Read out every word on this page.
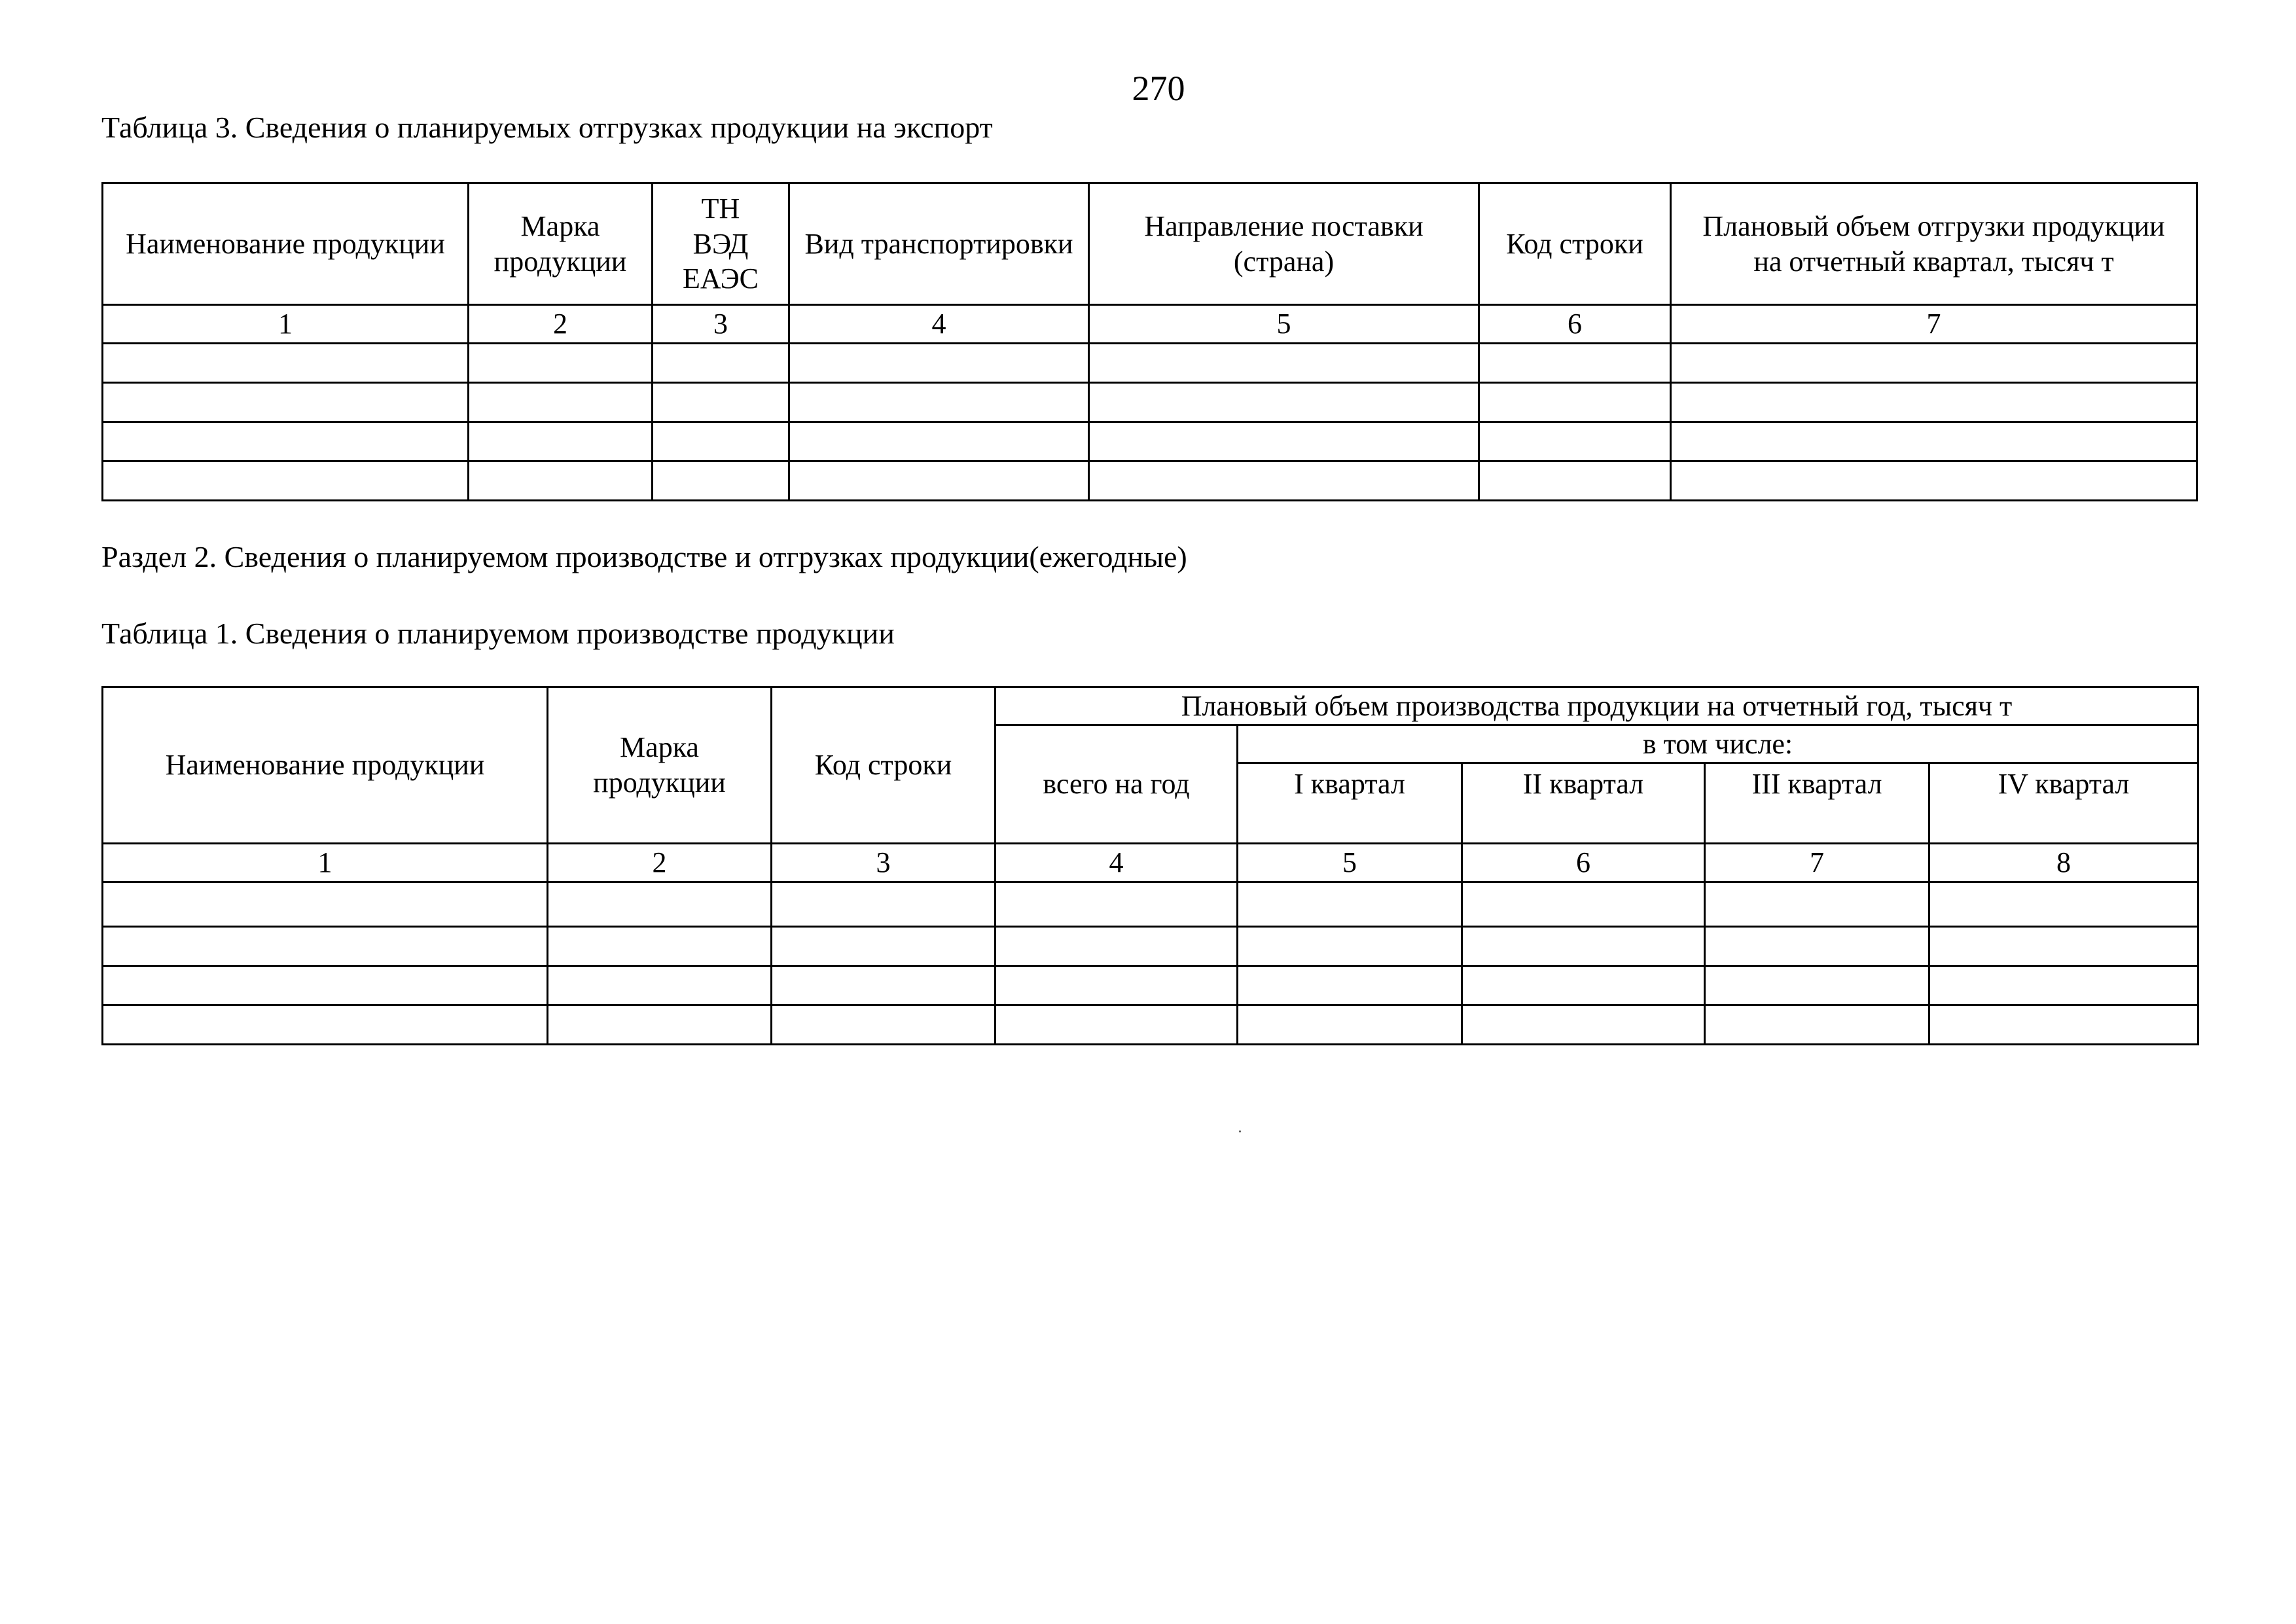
270
Таблица 3. Сведения о планируемых отгрузках продукции на экспорт
Наименование продукции	Марка продукции	ТН ВЭД ЕАЭС	Вид транспортировки	Направление поставки (страна)	Код строки	Плановый объем отгрузки продукции на отчетный квартал, тысяч т
1	2	3	4	5	6	7

Раздел 2. Сведения о планируемом производстве и отгрузках продукции(ежегодные)
Таблица 1. Сведения о планируемом производстве продукции
Наименование продукции	Марка продукции	Код строки	Плановый объем производства продукции на отчетный год, тысяч т				
			всего на год	в том числе:			
				I квартал	II квартал	III квартал	IV квартал
1	2	3	4	5	6	7	8
